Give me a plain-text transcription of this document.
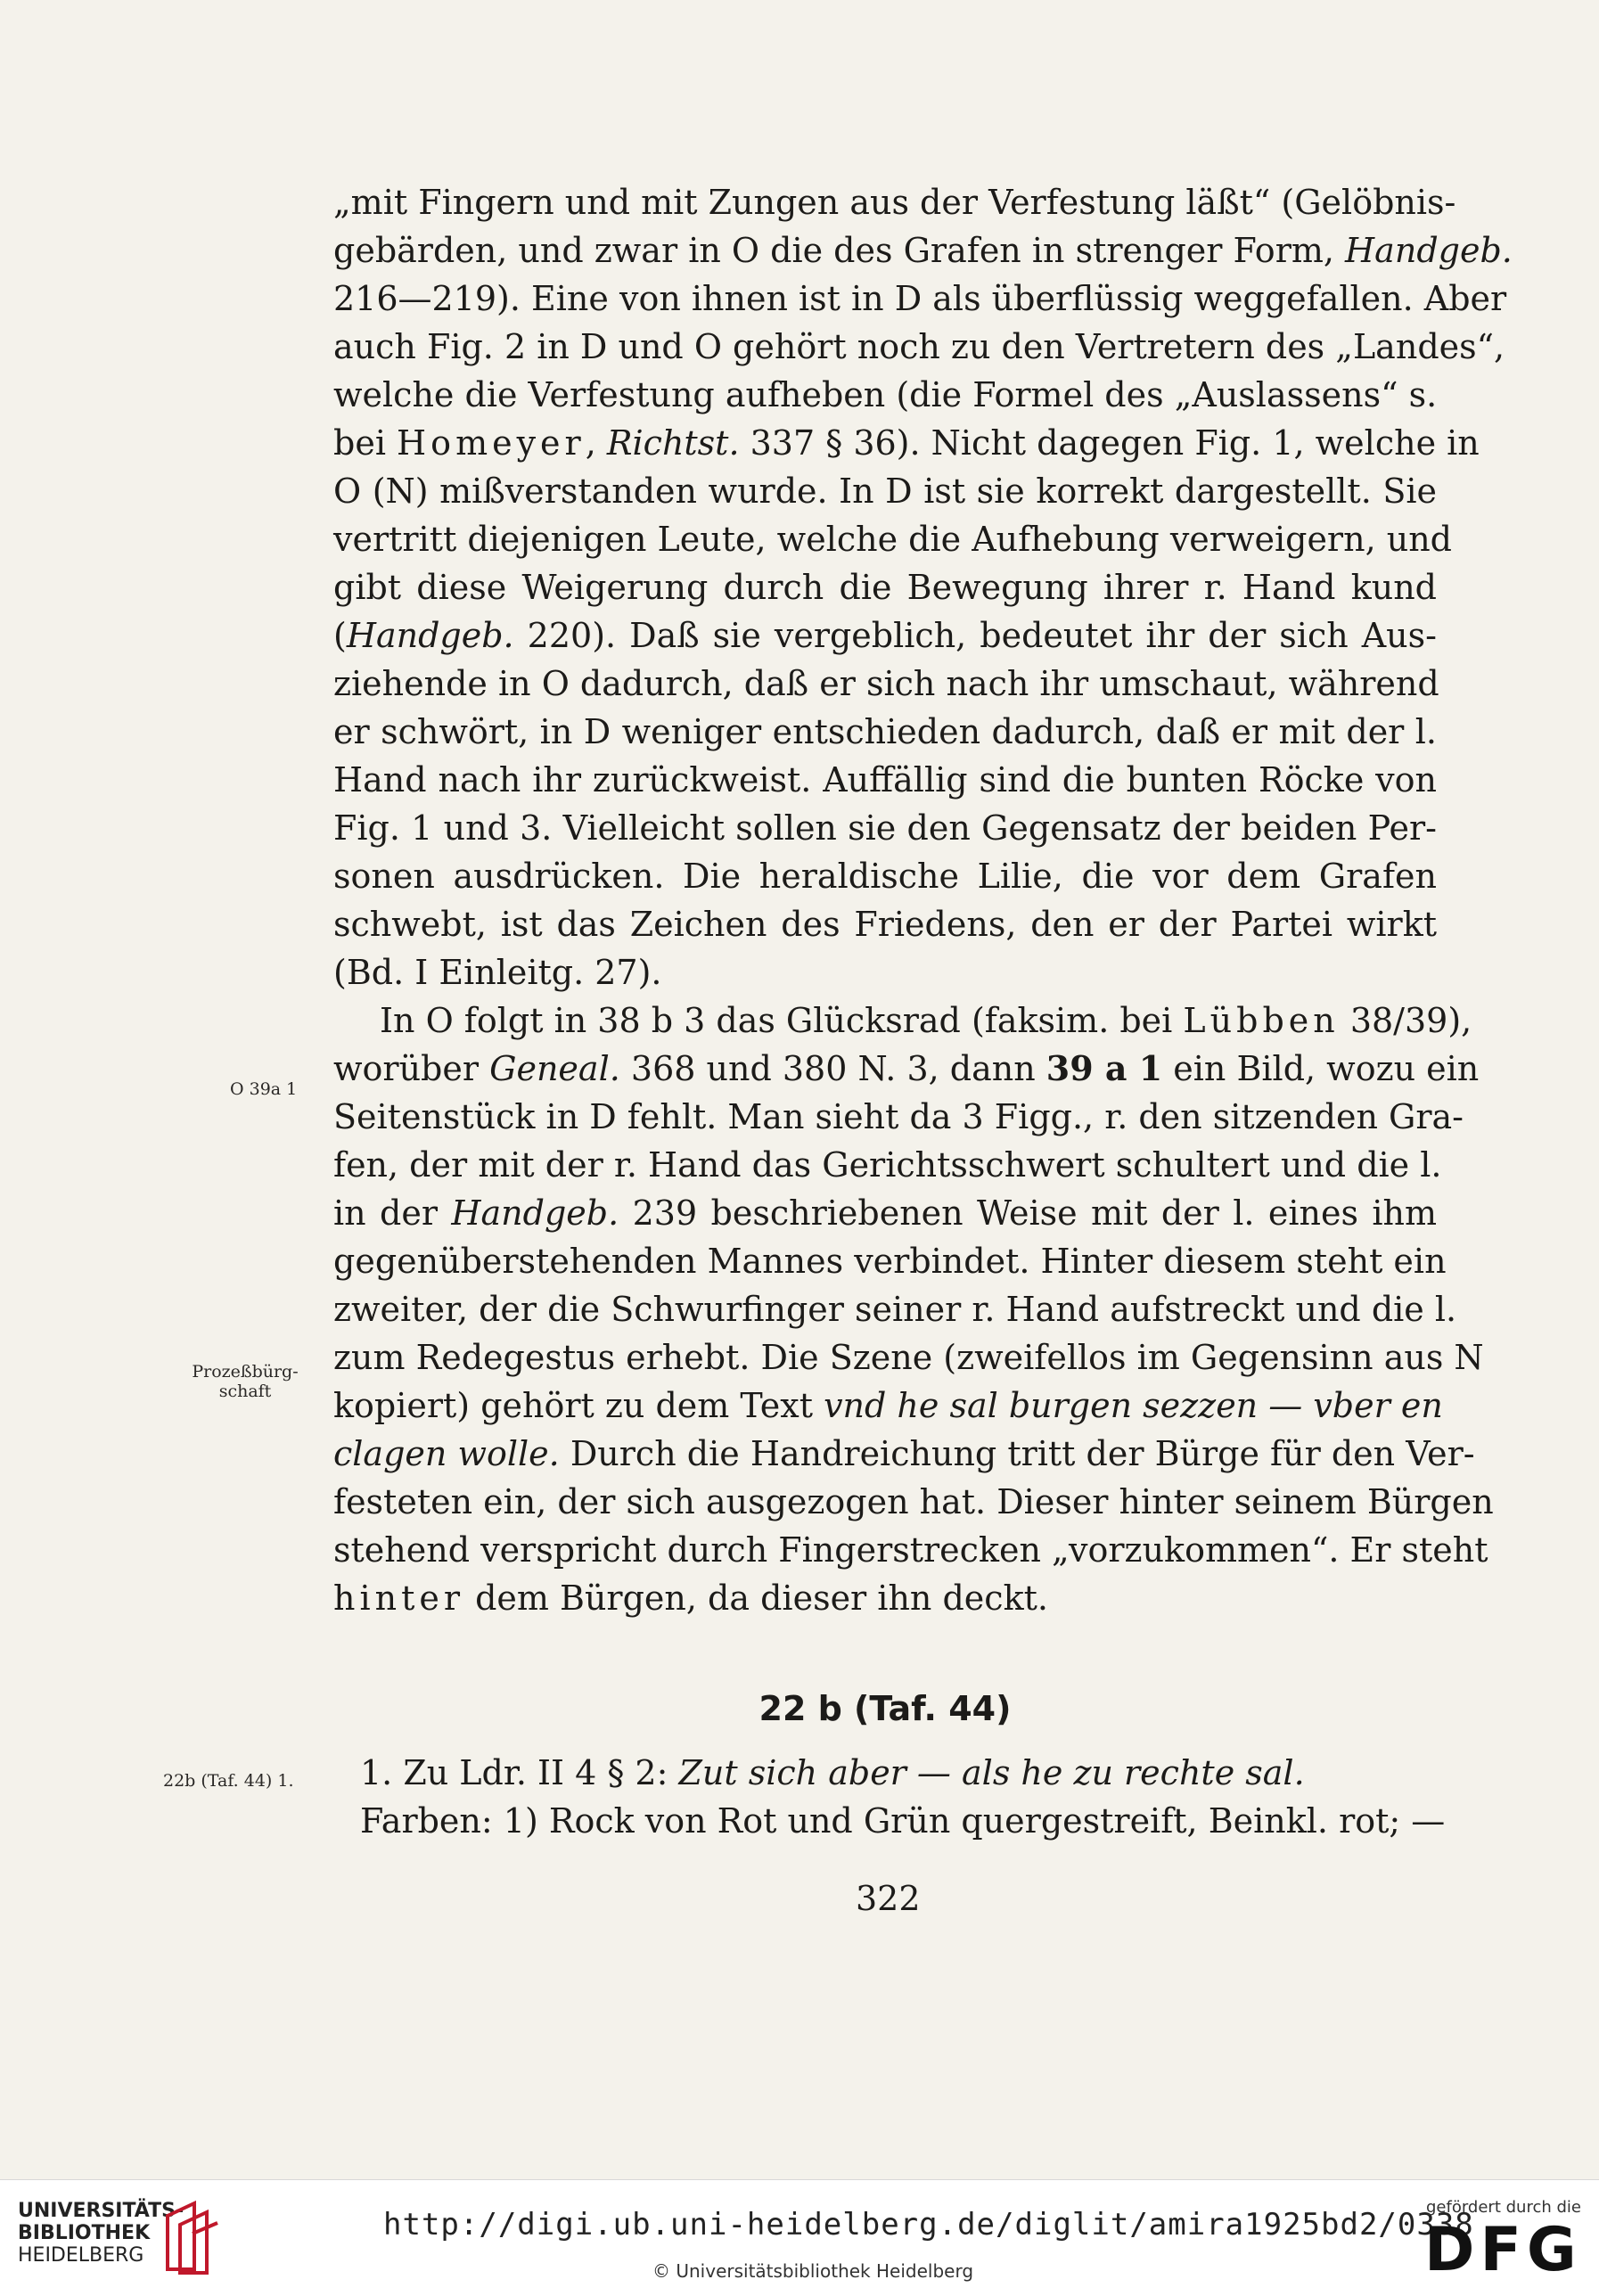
„mit Fingern und mit Zungen aus der Verfestung läßt“ (Gelöbnis-
gebärden, und zwar in O die des Grafen in strenger Form, Handgeb.
216—219). Eine von ihnen ist in D als überflüssig weggefallen. Aber
auch Fig. 2 in D und O gehört noch zu den Vertretern des „Landes“,
welche die Verfestung aufheben (die Formel des „Auslassens“ s.
bei Homeyer, Richtst. 337 § 36). Nicht dagegen Fig. 1, welche in
O (N) mißverstanden wurde. In D ist sie korrekt dargestellt. Sie
vertritt diejenigen Leute, welche die Aufhebung verweigern, und
gibt diese Weigerung durch die Bewegung ihrer r. Hand kund
(Handgeb. 220). Daß sie vergeblich, bedeutet ihr der sich Aus-
ziehende in O dadurch, daß er sich nach ihr umschaut, während
er schwört, in D weniger entschieden dadurch, daß er mit der l.
Hand nach ihr zurückweist. Auffällig sind die bunten Röcke von
Fig. 1 und 3. Vielleicht sollen sie den Gegensatz der beiden Per-
sonen ausdrücken. Die heraldische Lilie, die vor dem Grafen
schwebt, ist das Zeichen des Friedens, den er der Partei wirkt
(Bd. I Einleitg. 27).

In O folgt in 38 b 3 das Glücksrad (faksim. bei Lübben 38/39),
worüber Geneal. 368 und 380 N. 3, dann 39 a 1 ein Bild, wozu ein
Seitenstück in D fehlt. Man sieht da 3 Figg., r. den sitzenden Gra-
fen, der mit der r. Hand das Gerichtsschwert schultert und die l.
in der Handgeb. 239 beschriebenen Weise mit der l. eines ihm
gegenüberstehenden Mannes verbindet. Hinter diesem steht ein
zweiter, der die Schwurfinger seiner r. Hand aufstreckt und die l.
zum Redegestus erhebt. Die Szene (zweifellos im Gegensinn aus N
kopiert) gehört zu dem Text vnd he sal burgen sezzen — vber en
clagen wolle. Durch die Handreichung tritt der Bürge für den Ver-
festeten ein, der sich ausgezogen hat. Dieser hinter seinem Bürgen
stehend verspricht durch Fingerstrecken „vorzukommen“. Er steht
hinter dem Bürgen, da dieser ihn deckt.

22 b (Taf. 44)

1. Zu Ldr. II 4 § 2: Zut sich aber — als he zu rechte sal.
Farben: 1) Rock von Rot und Grün quergestreift, Beinkl. rot; —

O 39a 1
Prozeßbürg-
schaft
22b (Taf. 44) 1.
322
UNIVERSITÄTS-
BIBLIOTHEK
HEIDELBERG
http://digi.ub.uni-heidelberg.de/diglit/amira1925bd2/0338
© Universitätsbibliothek Heidelberg
gefördert durch die
DFG
